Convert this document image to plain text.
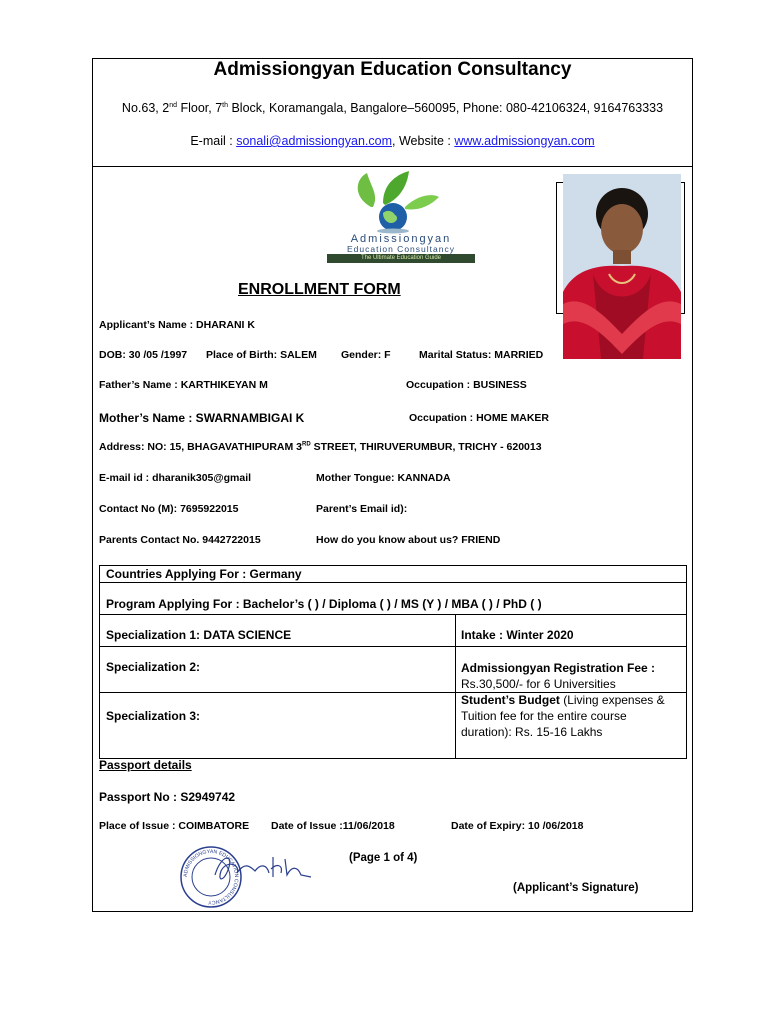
Admissiongyan Education Consultancy
No.63, 2nd Floor, 7th Block, Koramangala, Bangalore–560095, Phone: 080-42106324, 9164763333
E-mail : sonali@admissiongyan.com, Website : www.admissiongyan.com
Admissiongyan
Education Consultancy
The Ultimate Education Guide
ENROLLMENT FORM
Applicant’s Name : DHARANI K
DOB: 30 /05 /1997 Place of Birth: SALEM Gender: F	Marital Status: MARRIED
Father’s Name : KARTHIKEYAN M	Occupation : BUSINESS
Mother’s Name : SWARNAMBIGAI K	Occupation : HOME MAKER
Address: NO: 15, BHAGAVATHIPURAM 3RD STREET, THIRUVERUMBUR, TRICHY - 620013
E-mail id : dharanik305@gmail	Mother Tongue: KANNADA
Contact No (M): 7695922015	Parent’s Email id):
Parents Contact No. 9442722015	How do you know about us? FRIEND
Countries Applying For : Germany
Program Applying For : Bachelor’s ( ) / Diploma ( ) / MS (Y ) / MBA ( ) / PhD ( )
Specialization 1: DATA SCIENCE	Intake : Winter 2020
Specialization 2:	Admissiongyan Registration Fee :
Rs.30,500/- for 6 Universities
Specialization 3:
Student’s Budget (Living expenses &
Tuition fee for the entire course
duration): Rs. 15-16 Lakhs
Passport details
Passport No : S2949742
Place of Issue : COIMBATORE Date of Issue :11/06/2018	Date of Expiry: 10 /06/2018
ADMISSIONGYAN EDUCATION CONSULTANCY
(Page 1 of 4)
(Applicant’s Signature)
